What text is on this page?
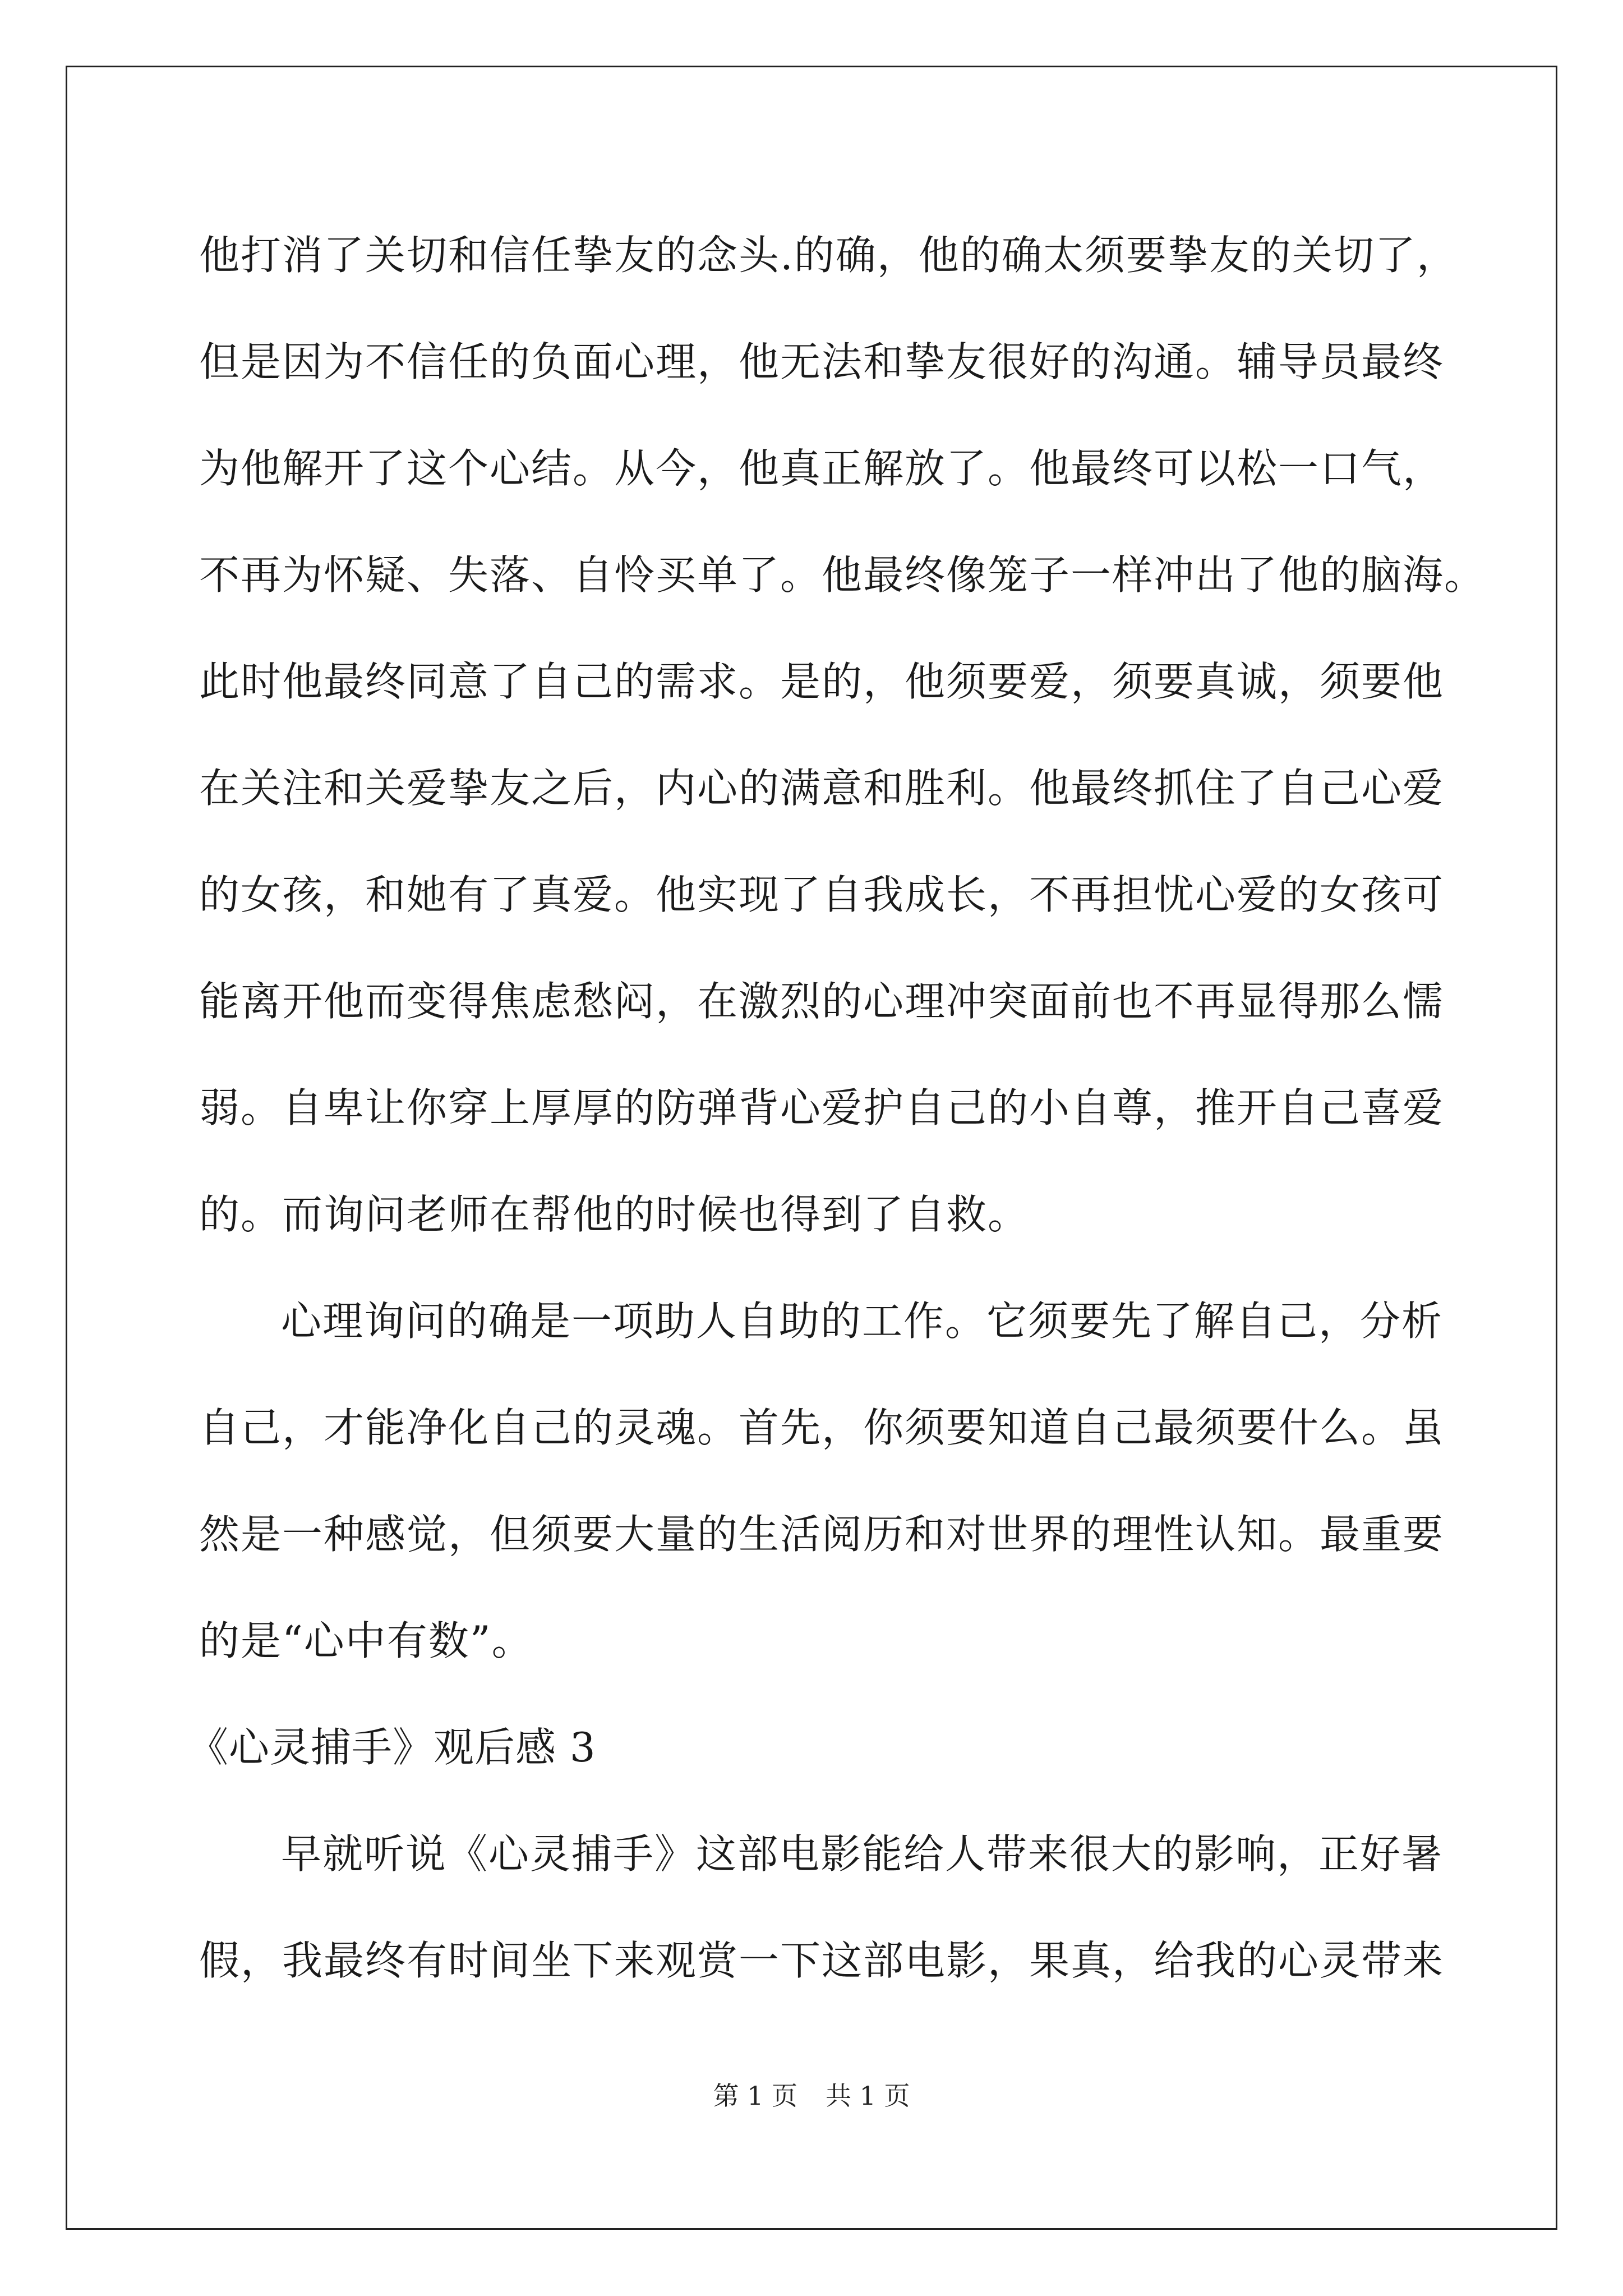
他打消了关切和信任挚友的念头.的确，他的确太须要挚友的关切了，
但是因为不信任的负面心理，他无法和挚友很好的沟通。辅导员最终
为他解开了这个心结。从今，他真正解放了。他最终可以松一口气，
不再为怀疑、失落、自怜买单了。他最终像笼子一样冲出了他的脑海。
此时他最终同意了自己的需求。是的，他须要爱，须要真诚，须要他
在关注和关爱挚友之后，内心的满意和胜利。他最终抓住了自己心爱
的女孩，和她有了真爱。他实现了自我成长，不再担忧心爱的女孩可
能离开他而变得焦虑愁闷，在激烈的心理冲突面前也不再显得那么懦
弱。自卑让你穿上厚厚的防弹背心爱护自己的小自尊，推开自己喜爱
的。而询问老师在帮他的时候也得到了自救。
心理询问的确是一项助人自助的工作。它须要先了解自己，分析
自己，才能净化自己的灵魂。首先，你须要知道自己最须要什么。虽
然是一种感觉，但须要大量的生活阅历和对世界的理性认知。最重要
的是“心中有数”。
《心灵捕手》观后感 3
早就听说《心灵捕手》这部电影能给人带来很大的影响，正好暑
假，我最终有时间坐下来观赏一下这部电影，果真，给我的心灵带来
第 1 页 共 1 页
